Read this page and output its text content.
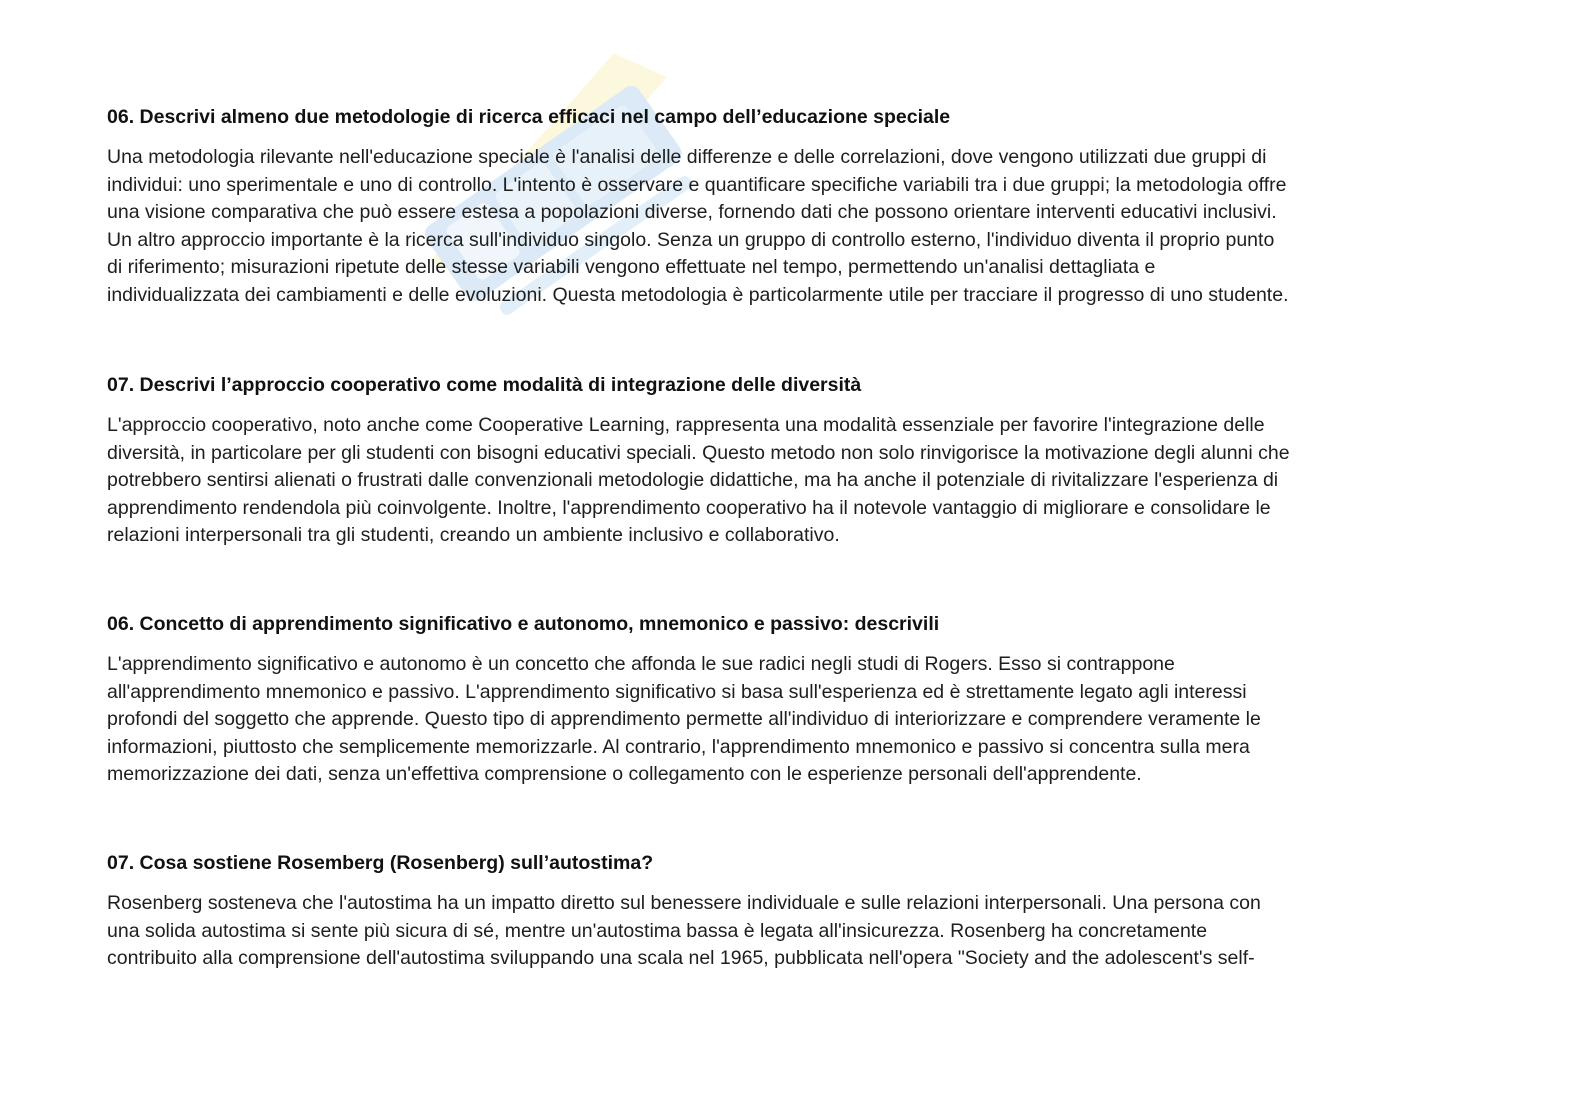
06. Descrivi almeno due metodologie di ricerca efficaci nel campo dell’educazione speciale
Una metodologia rilevante nell'educazione speciale è l'analisi delle differenze e delle correlazioni, dove vengono utilizzati due gruppi di
individui: uno sperimentale e uno di controllo. L'intento è osservare e quantificare specifiche variabili tra i due gruppi; la metodologia offre
una visione comparativa che può essere estesa a popolazioni diverse, fornendo dati che possono orientare interventi educativi inclusivi.
Un altro approccio importante è la ricerca sull'individuo singolo. Senza un gruppo di controllo esterno, l'individuo diventa il proprio punto
di riferimento; misurazioni ripetute delle stesse variabili vengono effettuate nel tempo, permettendo un'analisi dettagliata e
individualizzata dei cambiamenti e delle evoluzioni. Questa metodologia è particolarmente utile per tracciare il progresso di uno studente.
07. Descrivi l’approccio cooperativo come modalità di integrazione delle diversità
L'approccio cooperativo, noto anche come Cooperative Learning, rappresenta una modalità essenziale per favorire l'integrazione delle
diversità, in particolare per gli studenti con bisogni educativi speciali. Questo metodo non solo rinvigorisce la motivazione degli alunni che
potrebbero sentirsi alienati o frustrati dalle convenzionali metodologie didattiche, ma ha anche il potenziale di rivitalizzare l'esperienza di
apprendimento rendendola più coinvolgente. Inoltre, l'apprendimento cooperativo ha il notevole vantaggio di migliorare e consolidare le
relazioni interpersonali tra gli studenti, creando un ambiente inclusivo e collaborativo.
06. Concetto di apprendimento significativo e autonomo, mnemonico e passivo: descrivili
L'apprendimento significativo e autonomo è un concetto che affonda le sue radici negli studi di Rogers. Esso si contrappone
all'apprendimento mnemonico e passivo. L'apprendimento significativo si basa sull'esperienza ed è strettamente legato agli interessi
profondi del soggetto che apprende. Questo tipo di apprendimento permette all'individuo di interiorizzare e comprendere veramente le
informazioni, piuttosto che semplicemente memorizzarle. Al contrario, l'apprendimento mnemonico e passivo si concentra sulla mera
memorizzazione dei dati, senza un'effettiva comprensione o collegamento con le esperienze personali dell'apprendente.
07. Cosa sostiene Rosemberg (Rosenberg) sull’autostima?
Rosenberg sosteneva che l'autostima ha un impatto diretto sul benessere individuale e sulle relazioni interpersonali. Una persona con
una solida autostima si sente più sicura di sé, mentre un'autostima bassa è legata all'insicurezza. Rosenberg ha concretamente
contribuito alla comprensione dell'autostima sviluppando una scala nel 1965, pubblicata nell'opera "Society and the adolescent's self-
